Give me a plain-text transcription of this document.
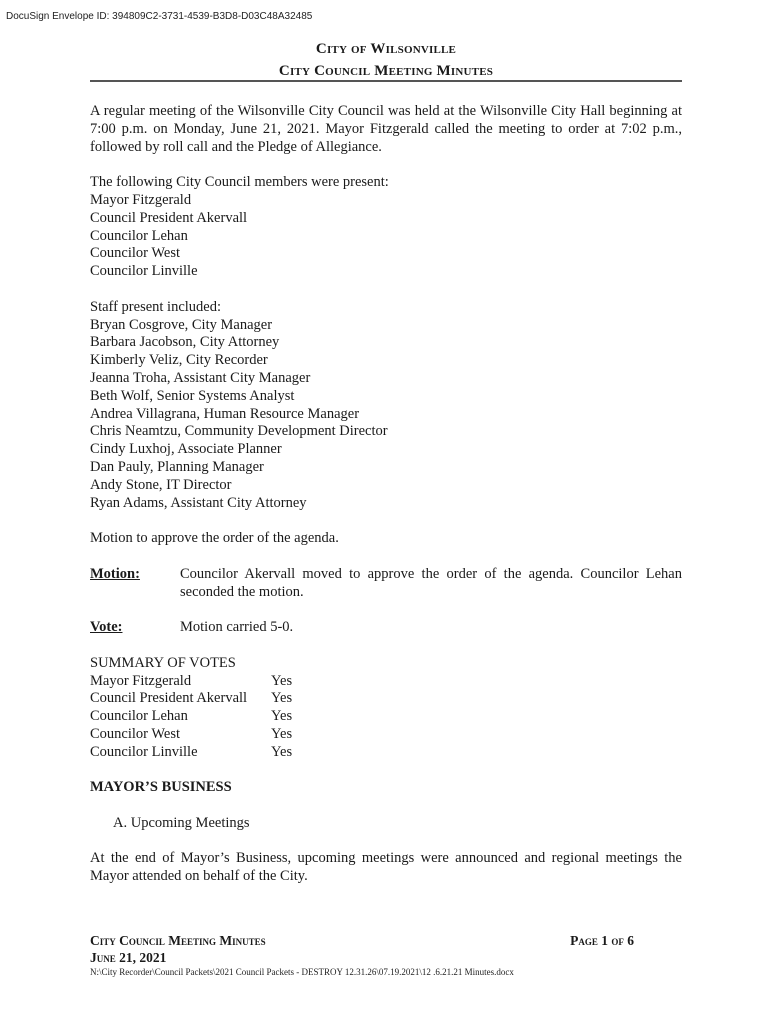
DocuSign Envelope ID: 394809C2-3731-4539-B3D8-D03C48A32485
City of Wilsonville
City Council Meeting Minutes

A regular meeting of the Wilsonville City Council was held at the Wilsonville City Hall beginning at 7:00 p.m. on Monday, June 21, 2021. Mayor Fitzgerald called the meeting to order at 7:02 p.m., followed by roll call and the Pledge of Allegiance.

The following City Council members were present:
Mayor Fitzgerald
Council President Akervall
Councilor Lehan
Councilor West
Councilor Linville
Staff present included:
Bryan Cosgrove, City Manager
Barbara Jacobson, City Attorney
Kimberly Veliz, City Recorder
Jeanna Troha, Assistant City Manager
Beth Wolf, Senior Systems Analyst
Andrea Villagrana, Human Resource Manager
Chris Neamtzu, Community Development Director
Cindy Luxhoj, Associate Planner
Dan Pauly, Planning Manager
Andy Stone, IT Director
Ryan Adams, Assistant City Attorney

Motion to approve the order of the agenda.

Motion:	Councilor Akervall moved to approve the order of the agenda. Councilor Lehan seconded the motion.
Vote:	Motion carried 5-0.
SUMMARY OF VOTES
Mayor Fitzgerald	Yes
Council President Akervall	Yes
Councilor Lehan	Yes
Councilor West	Yes
Councilor Linville	Yes
MAYOR’S BUSINESS
A. Upcoming Meetings

At the end of Mayor’s Business, upcoming meetings were announced and regional meetings the Mayor attended on behalf of the City.

City Council Meeting Minutes	Page 1 of 6
June 21, 2021
N:\City Recorder\Council Packets\2021 Council Packets - DESTROY 12.31.26\07.19.2021\12 .6.21.21 Minutes.docx
